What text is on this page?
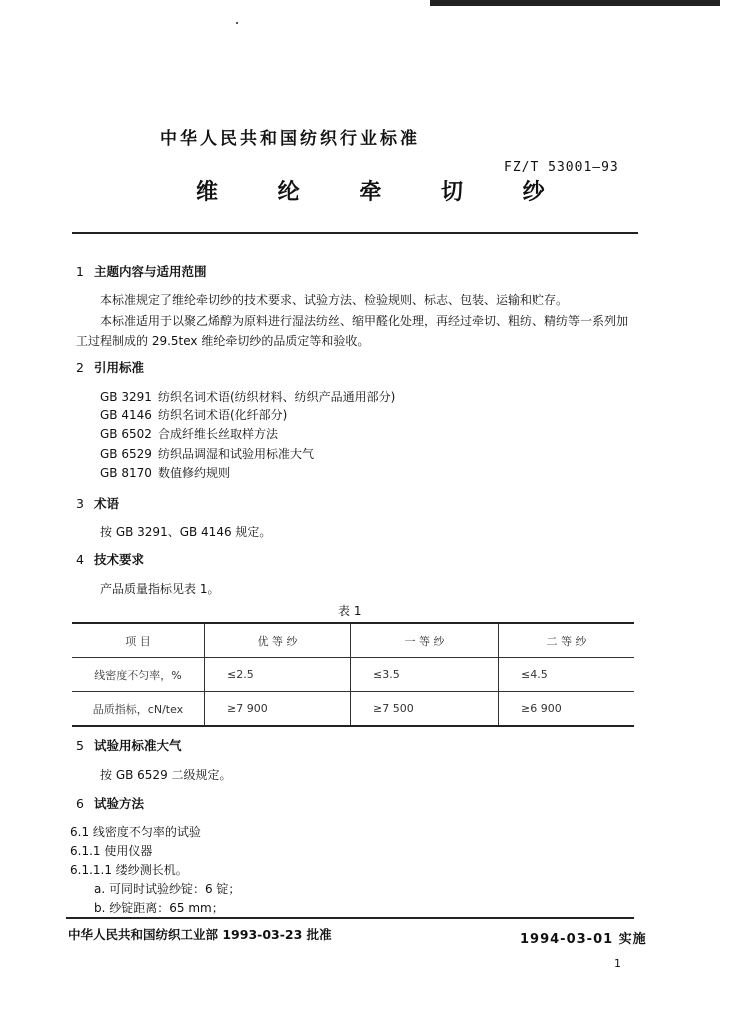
中华人民共和国纺织行业标准
FZ/T 53001—93
维 纶 牵 切 纱
1 主题内容与适用范围
本标准规定了维纶牵切纱的技术要求、试验方法、检验规则、标志、包装、运输和贮存。
本标准适用于以聚乙烯醇为原料进行湿法纺丝、缩甲醛化处理，再经过牵切、粗纺、精纺等一系列加
工过程制成的 29.5tex 维纶牵切纱的品质定等和验收。
2 引用标准
GB 3291 纺织名词术语(纺织材料、纺织产品通用部分)
GB 4146 纺织名词术语(化纤部分)
GB 6502 合成纤维长丝取样方法
GB 6529 纺织品调湿和试验用标准大气
GB 8170 数值修约规则
3 术语
按 GB 3291、GB 4146 规定。
4 技术要求
产品质量指标见表 1。
表 1
项 目	优 等 纱	一 等 纱	二 等 纱
线密度不匀率，%	≤2.5	≤3.5	≤4.5
品质指标，cN/tex	≥7 900	≥7 500	≥6 900
5 试验用标准大气
按 GB 6529 二级规定。
6 试验方法
6.1 线密度不匀率的试验
6.1.1 使用仪器
6.1.1.1 缕纱测长机。
a. 可同时试验纱锭：6 锭；
b. 纱锭距离：65 mm；
中华人民共和国纺织工业部 1993-03-23 批准	1994-03-01 实施
1
